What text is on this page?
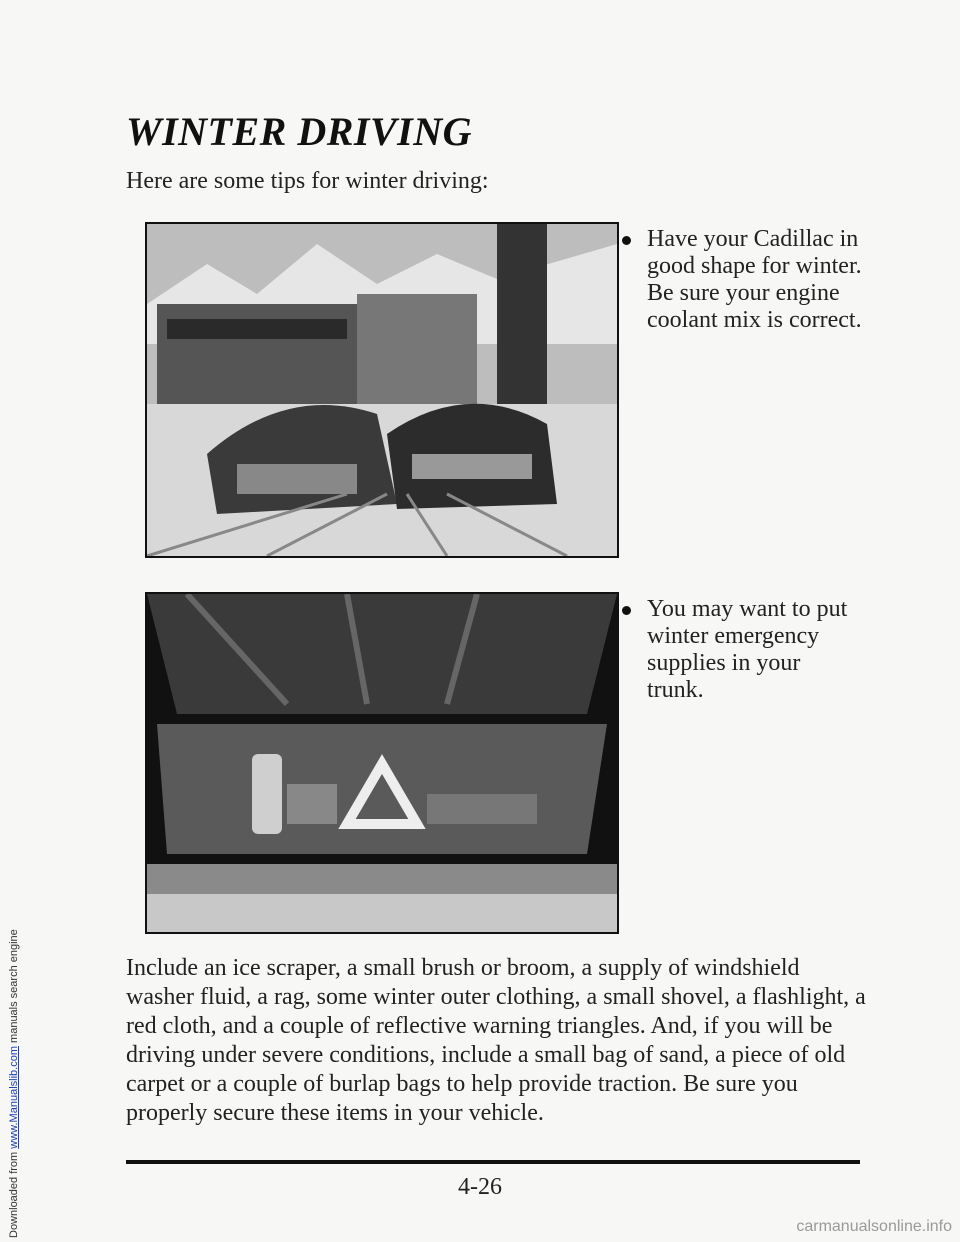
Downloaded from www.Manualslib.com manuals search engine
WINTER DRIVING

Here are some tips for winter driving:

Have your Cadillac in good shape for winter. Be sure your engine coolant mix is correct.
You may want to put winter emergency supplies in your trunk.

Include an ice scraper, a small brush or broom, a supply of windshield washer fluid, a rag, some winter outer clothing, a small shovel, a flashlight, a red cloth, and a couple of reflective warning triangles. And, if you will be driving under severe conditions, include a small bag of sand, a piece of old carpet or a couple of burlap bags to help provide traction. Be sure you properly secure these items in your vehicle.

4-26
carmanualsonline.info
